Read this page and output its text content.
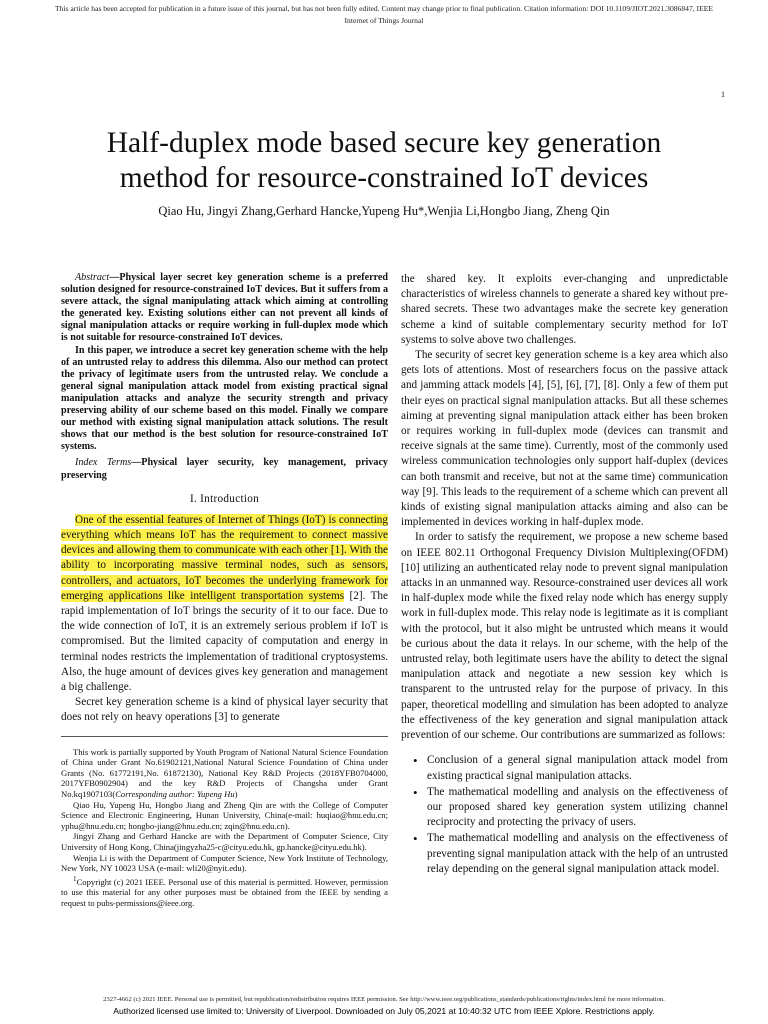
This article has been accepted for publication in a future issue of this journal, but has not been fully edited. Content may change prior to final publication. Citation information: DOI 10.1109/JIOT.2021.3086847, IEEE
Internet of Things Journal
1
Half-duplex mode based secure key generation
method for resource-constrained IoT devices
Qiao Hu, Jingyi Zhang,Gerhard Hancke,Yupeng Hu*,Wenjia Li,Hongbo Jiang, Zheng Qin

Abstract—Physical layer secret key generation scheme is a preferred solution designed for resource-constrained IoT devices. But it suffers from a severe attack, the signal manipulating attack which aiming at controlling the generated key. Existing solutions either can not prevent all kinds of signal manipulation attacks or require working in full-duplex mode which is not suitable for resource-constrained IoT devices.

In this paper, we introduce a secret key generation scheme with the help of an untrusted relay to address this dilemma. Also our method can protect the privacy of legitimate users from the untrusted relay. We conclude a general signal manipulation attack model from existing practical signal manipulation attacks and analyze the security strength and privacy preserving ability of our scheme based on this model. Finally we compare our method with existing signal manipulation attack solutions. The result shows that our method is the best solution for resource-constrained IoT systems.

Index Terms—Physical layer security, key management, privacy preserving

I. Introduction

One of the essential features of Internet of Things (IoT) is connecting everything which means IoT has the requirement to connect massive devices and allowing them to communicate with each other [1]. With the ability to incorporating massive terminal nodes, such as sensors, controllers, and actuators, IoT becomes the underlying framework for emerging applications like intelligent transportation systems [2]. The rapid implementation of IoT brings the security of it to our face. Due to the wide connection of IoT, it is an extremely serious problem if IoT is compromised. But the limited capacity of computation and energy in terminal nodes restricts the implementation of traditional cryptosystems. Also, the huge amount of devices gives key generation and management a big challenge.

Secret key generation scheme is a kind of physical layer security that does not rely on heavy operations [3] to generate

This work is partially supported by Youth Program of National Natural Science Foundation of China under Grant No.61902121,National Natural Science Foundation of China under Grants (No. 61772191,No. 61872130), National Key R&D Projects (2018YFB0704000, 2017YFB0902904) and the key R&D Projects of Changsha under Grant No.kq1907103(Corresponding author: Yupeng Hu)

Qiao Hu, Yupeng Hu, Hongbo Jiang and Zheng Qin are with the College of Computer Science and Electronic Engineering, Hunan University, China(e-mail: huqiao@hnu.edu.cn; yphu@hnu.edu.cn; hongbo-jiang@hnu.edu.cn; zqin@hnu.edu.cn).

Jingyi Zhang and Gerhard Hancke are with the Department of Computer Science, City University of Hong Kong, China(jingyzha25-c@cityu.edu.hk, gp.hancke@cityu.edu.hk).

Wenjia Li is with the Department of Computer Science, New York Institute of Technology, New York, NY 10023 USA (e-mail: wli20@nyit.edu).

$^1$Copyright (c) 2021 IEEE. Personal use of this material is permitted. However, permission to use this material for any other purposes must be obtained from the IEEE by sending a request to pubs-permissions@ieee.org.

the shared key. It exploits ever-changing and unpredictable characteristics of wireless channels to generate a shared key without pre-shared secrets. These two advantages make the secrete key generation scheme a kind of suitable complementary security method for IoT systems to solve above two challenges.

The security of secret key generation scheme is a key area which also gets lots of attentions. Most of researchers focus on the passive attack and jamming attack models [4], [5], [6], [7], [8]. Only a few of them put their eyes on practical signal manipulation attacks. But all these schemes aiming at preventing signal manipulation attack either has been broken or requires working in full-duplex mode (devices can transmit and receive signals at the same time). Currently, most of the commonly used wireless communication technologies only support half-duplex (devices can both transmit and receive, but not at the same time) communication way [9]. This leads to the requirement of a scheme which can prevent all kinds of existing signal manipulation attacks aiming and also can be implemented in devices working in half-duplex mode.

In order to satisfy the requirement, we propose a new scheme based on IEEE 802.11 Orthogonal Frequency Division Multiplexing(OFDM) [10] utilizing an authenticated relay node to prevent signal manipulation attacks in an unmanned way. Resource-constrained user devices all work in half-duplex mode while the fixed relay node which has energy supply work in full-duplex mode. This relay node is legitimate as it is compliant with the protocol, but it also might be untrusted which means it would be curious about the data it relays. In our scheme, with the help of the untrusted relay, both legitimate users have the ability to detect the signal manipulation attack and negotiate a new session key which is transparent to the untrusted relay for the purpose of privacy. In this paper, theoretical modelling and simulation has been adopted to analyze the effectiveness of the key generation and signal manipulation attack prevention of our scheme. Our contributions are summarized as follows:

• Conclusion of a general signal manipulation attack model from existing practical signal manipulation attacks.
• The mathematical modelling and analysis on the effectiveness of our proposed shared key generation system utilizing channel reciprocity and protecting the privacy of users.
• The mathematical modelling and analysis on the effectiveness of preventing signal manipulation attack with the help of an untrusted relay depending on the general signal manipulation attack model.
2327-4662 (c) 2021 IEEE. Personal use is permitted, but republication/redistribution requires IEEE permission. See http://www.ieee.org/publications_standards/publications/rights/index.html for more information.
Authorized licensed use limited to: University of Liverpool. Downloaded on July 05,2021 at 10:40:32 UTC from IEEE Xplore. Restrictions apply.
